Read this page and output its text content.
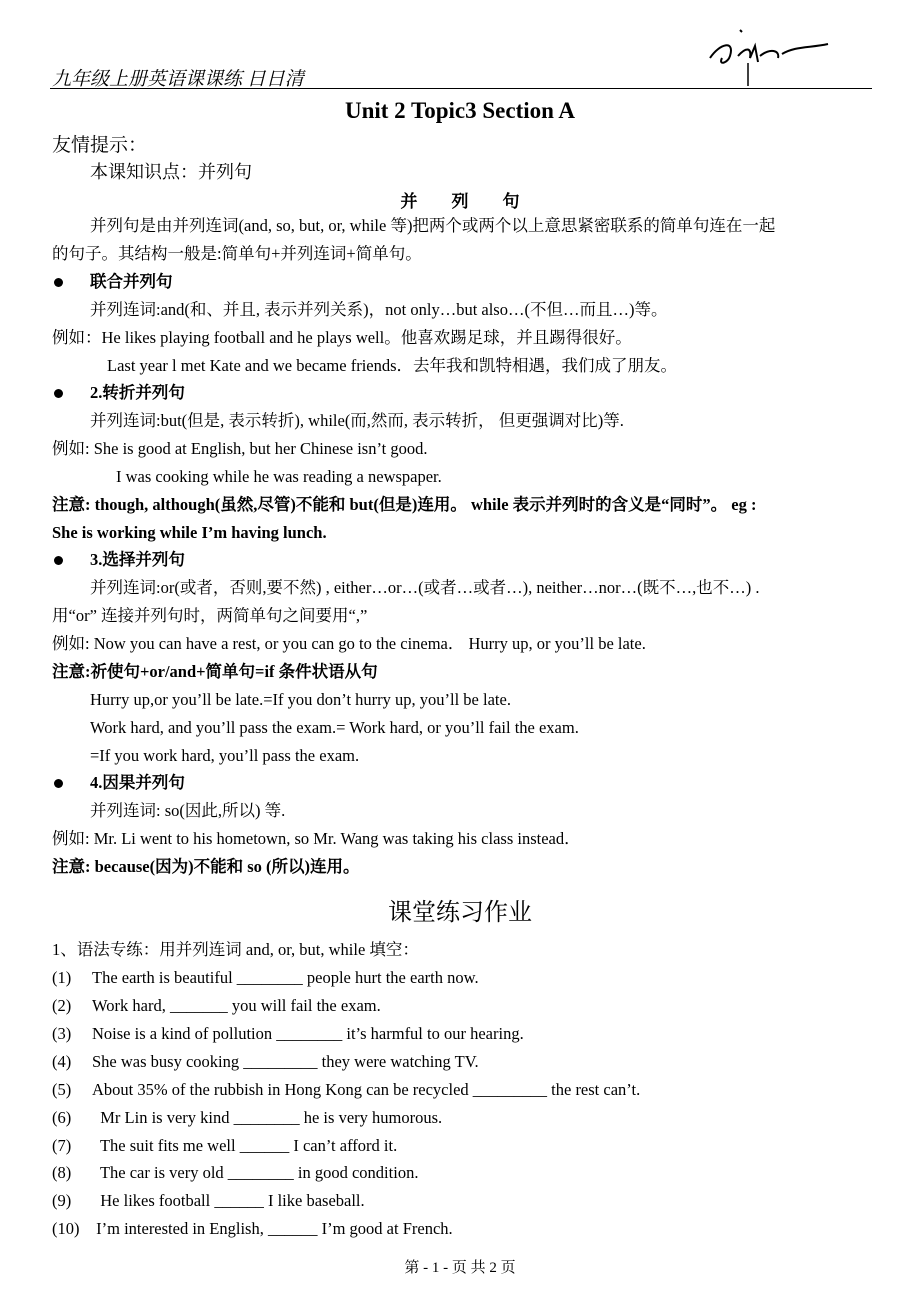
九年级上册英语课课练 日日清
Unit 2 Topic3 Section A
友情提示：
本课知识点：并列句
并　　列　　句
并列句是由并列连词(and, so, but, or, while 等)把两个或两个以上意思紧密联系的简单句连在一起
的句子。其结构一般是:简单句+并列连词+简单句。
联合并列句
并列连词:and(和、并且, 表示并列关系)，not only…but also…(不但…而且…)等。
例如：He likes playing football and he plays well。他喜欢踢足球，并且踢得很好。
Last year l met Kate and we became friends．去年我和凯特相遇，我们成了朋友。
2.转折并列句
并列连词:but(但是, 表示转折), while(而,然而, 表示转折， 但更强调对比)等.
例如: She is good at English, but her Chinese isn’t good.
I was cooking while he was reading a newspaper.
注意: though, although(虽然,尽管)不能和 but(但是)连用。 while 表示并列时的含义是“同时”。 eg :
She is working while I’m having lunch.
3.选择并列句
并列连词:or(或者，否则,要不然) , either…or…(或者…或者…), neither…nor…(既不…,也不…) .
用“or” 连接并列句时，两简单句之间要用“,”
例如: Now you can have a rest, or you can go to the cinema． Hurry up, or you’ll be late.
注意:祈使句+or/and+简单句=if 条件状语从句
Hurry up,or you’ll be late.=If you don’t hurry up, you’ll be late.
Work hard, and you’ll pass the exam.= Work hard, or you’ll fail the exam.
=If you work hard, you’ll pass the exam.
4.因果并列句
并列连词: so(因此,所以) 等.
例如: Mr. Li went to his hometown, so Mr. Wang was taking his class instead．
注意: because(因为)不能和 so (所以)连用。
课堂练习作业
1、语法专练：用并列连词 and, or, but, while 填空：
(1) The earth is beautiful ________ people hurt the earth now.
(2) Work hard, _______ you will fail the exam.
(3) Noise is a kind of pollution ________ it’s harmful to our hearing.
(4) She was busy cooking _________ they were watching TV.
(5) About 35% of the rubbish in Hong Kong can be recycled _________ the rest can’t.
(6)  Mr Lin is very kind ________ he is very humorous.
(7)  The suit fits me well ______ I can’t afford it.
(8)  The car is very old ________ in good condition.
(9)  He likes football ______ I like baseball.
(10) I’m interested in English, ______ I’m good at French.
第 - 1 - 页 共 2 页
